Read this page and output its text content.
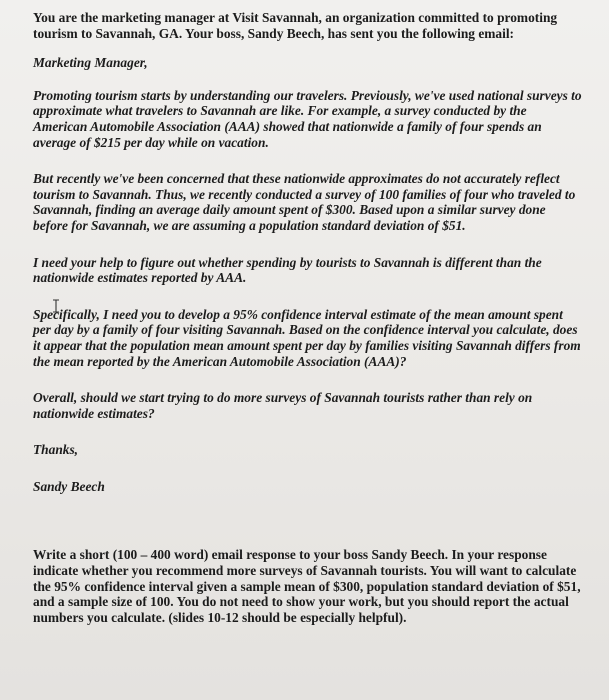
You are the marketing manager at Visit Savannah, an organization committed to promoting tourism to Savannah, GA. Your boss, Sandy Beech, has sent you the following email:

Marketing Manager,

Promoting tourism starts by understanding our travelers. Previously, we've used national surveys to approximate what travelers to Savannah are like. For example, a survey conducted by the American Automobile Association (AAA) showed that nationwide a family of four spends an average of $215 per day while on vacation.

But recently we've been concerned that these nationwide approximates do not accurately reflect tourism to Savannah. Thus, we recently conducted a survey of 100 families of four who traveled to Savannah, finding an average daily amount spent of $300. Based upon a similar survey done before for Savannah, we are assuming a population standard deviation of $51.

I need your help to figure out whether spending by tourists to Savannah is different than the nationwide estimates reported by AAA.

Specifically, I need you to develop a 95% confidence interval estimate of the mean amount spent per day by a family of four visiting Savannah. Based on the confidence interval you calculate, does it appear that the population mean amount spent per day by families visiting Savannah differs from the mean reported by the American Automobile Association (AAA)?

Overall, should we start trying to do more surveys of Savannah tourists rather than rely on nationwide estimates?

Thanks,

Sandy Beech

Write a short (100 – 400 word) email response to your boss Sandy Beech. In your response indicate whether you recommend more surveys of Savannah tourists. You will want to calculate the 95% confidence interval given a sample mean of $300, population standard deviation of $51, and a sample size of 100. You do not need to show your work, but you should report the actual numbers you calculate. (slides 10-12 should be especially helpful).
